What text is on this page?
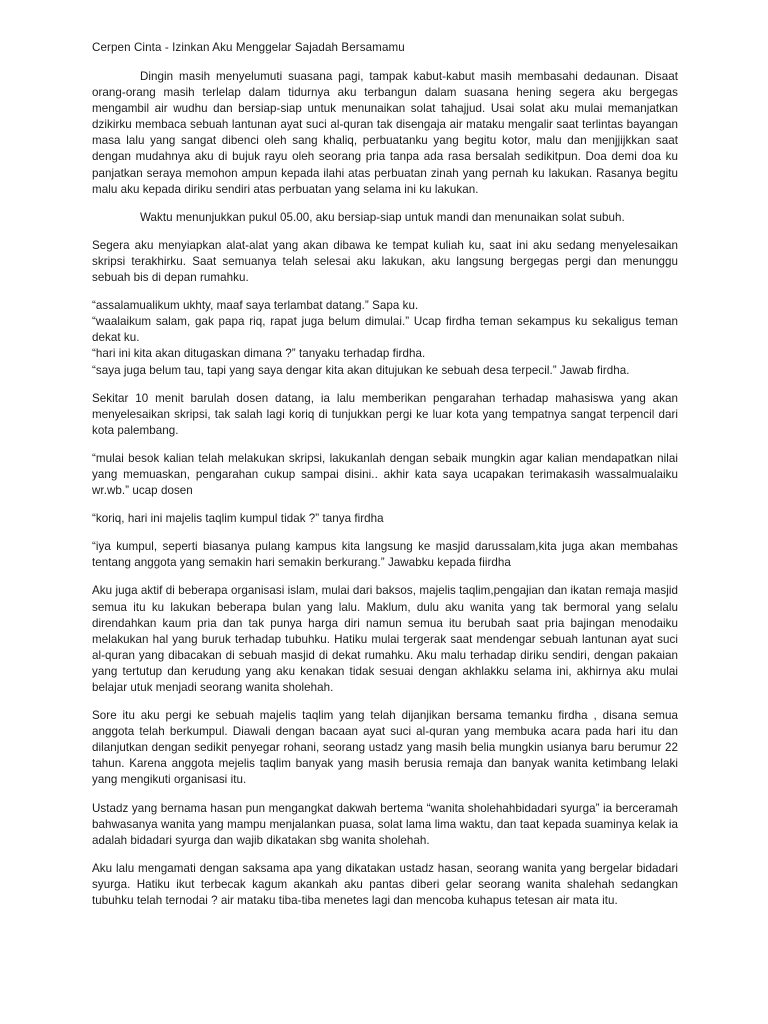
Cerpen Cinta - Izinkan Aku Menggelar Sajadah Bersamamu

Dingin masih menyelumuti suasana pagi, tampak kabut-kabut masih membasahi dedaunan. Disaat orang-orang masih terlelap dalam tidurnya aku terbangun dalam suasana hening segera aku bergegas mengambil air wudhu dan bersiap-siap untuk menunaikan solat tahajjud. Usai solat aku mulai memanjatkan dzikirku membaca sebuah lantunan ayat suci al-quran tak disengaja air mataku mengalir saat terlintas bayangan masa lalu yang sangat dibenci oleh sang khaliq, perbuatanku yang begitu kotor, malu dan menjjijkkan saat dengan mudahnya aku di bujuk rayu oleh seorang pria tanpa ada rasa bersalah sedikitpun. Doa demi doa ku panjatkan seraya memohon ampun kepada ilahi atas perbuatan zinah yang pernah ku lakukan. Rasanya begitu malu aku kepada diriku sendiri atas perbuatan yang selama ini ku lakukan.

Waktu menunjukkan pukul 05.00, aku bersiap-siap untuk mandi dan menunaikan solat subuh.

Segera aku menyiapkan alat-alat yang akan dibawa ke tempat kuliah ku, saat ini aku sedang menyelesaikan skripsi terakhirku. Saat semuanya telah selesai aku lakukan, aku langsung bergegas pergi dan menunggu sebuah bis di depan rumahku.

“assalamualikum ukhty, maaf saya terlambat datang.” Sapa ku.
“waalaikum salam, gak papa riq, rapat juga belum dimulai.” Ucap firdha teman sekampus ku sekaligus teman dekat ku.
“hari ini kita akan ditugaskan dimana ?” tanyaku terhadap firdha.
“saya juga belum tau, tapi yang saya dengar kita akan ditujukan ke sebuah desa terpecil.” Jawab firdha.

Sekitar 10 menit barulah dosen datang, ia lalu memberikan pengarahan terhadap mahasiswa yang akan menyelesaikan skripsi, tak salah lagi koriq di tunjukkan pergi ke luar kota yang tempatnya sangat terpencil dari kota palembang.

“mulai besok kalian telah melakukan skripsi, lakukanlah dengan sebaik mungkin agar kalian mendapatkan nilai yang memuaskan, pengarahan cukup sampai disini.. akhir kata saya ucapakan terimakasih wassalmualaiku wr.wb.” ucap dosen

“koriq, hari ini majelis taqlim kumpul tidak ?” tanya firdha

“iya kumpul, seperti biasanya pulang kampus kita langsung ke masjid darussalam,kita juga akan membahas tentang anggota yang semakin hari semakin berkurang.” Jawabku kepada fiirdha

Aku juga aktif di beberapa organisasi islam, mulai dari baksos, majelis taqlim,pengajian dan ikatan remaja masjid semua itu ku lakukan beberapa bulan yang lalu. Maklum, dulu aku wanita yang tak bermoral yang selalu direndahkan kaum pria dan tak punya harga diri namun semua itu berubah saat pria bajingan menodaiku melakukan hal yang buruk terhadap tubuhku. Hatiku mulai tergerak saat mendengar sebuah lantunan ayat suci al-quran yang dibacakan di sebuah masjid di dekat rumahku. Aku malu terhadap diriku sendiri, dengan pakaian yang tertutup dan kerudung yang aku kenakan tidak sesuai dengan akhlakku selama ini, akhirnya aku mulai belajar utuk menjadi seorang wanita sholehah.

Sore itu aku pergi ke sebuah majelis taqlim yang telah dijanjikan bersama temanku firdha , disana semua anggota telah berkumpul. Diawali dengan bacaan ayat suci al-quran yang membuka acara pada hari itu dan dilanjutkan dengan sedikit penyegar rohani, seorang ustadz yang masih belia mungkin usianya baru berumur 22 tahun. Karena anggota mejelis taqlim banyak yang masih berusia remaja dan banyak wanita ketimbang lelaki yang mengikuti organisasi itu.

Ustadz yang bernama hasan pun mengangkat dakwah bertema “wanita sholehahbidadari syurga” ia berceramah bahwasanya wanita yang mampu menjalankan puasa, solat lama lima waktu, dan taat kepada suaminya kelak ia adalah bidadari syurga dan wajib dikatakan sbg wanita sholehah.

Aku lalu mengamati dengan saksama apa yang dikatakan ustadz hasan, seorang wanita yang bergelar bidadari syurga. Hatiku ikut terbecak kagum akankah aku pantas diberi gelar seorang wanita shalehah sedangkan tubuhku telah ternodai ? air mataku tiba-tiba menetes lagi dan mencoba kuhapus tetesan air mata itu.
